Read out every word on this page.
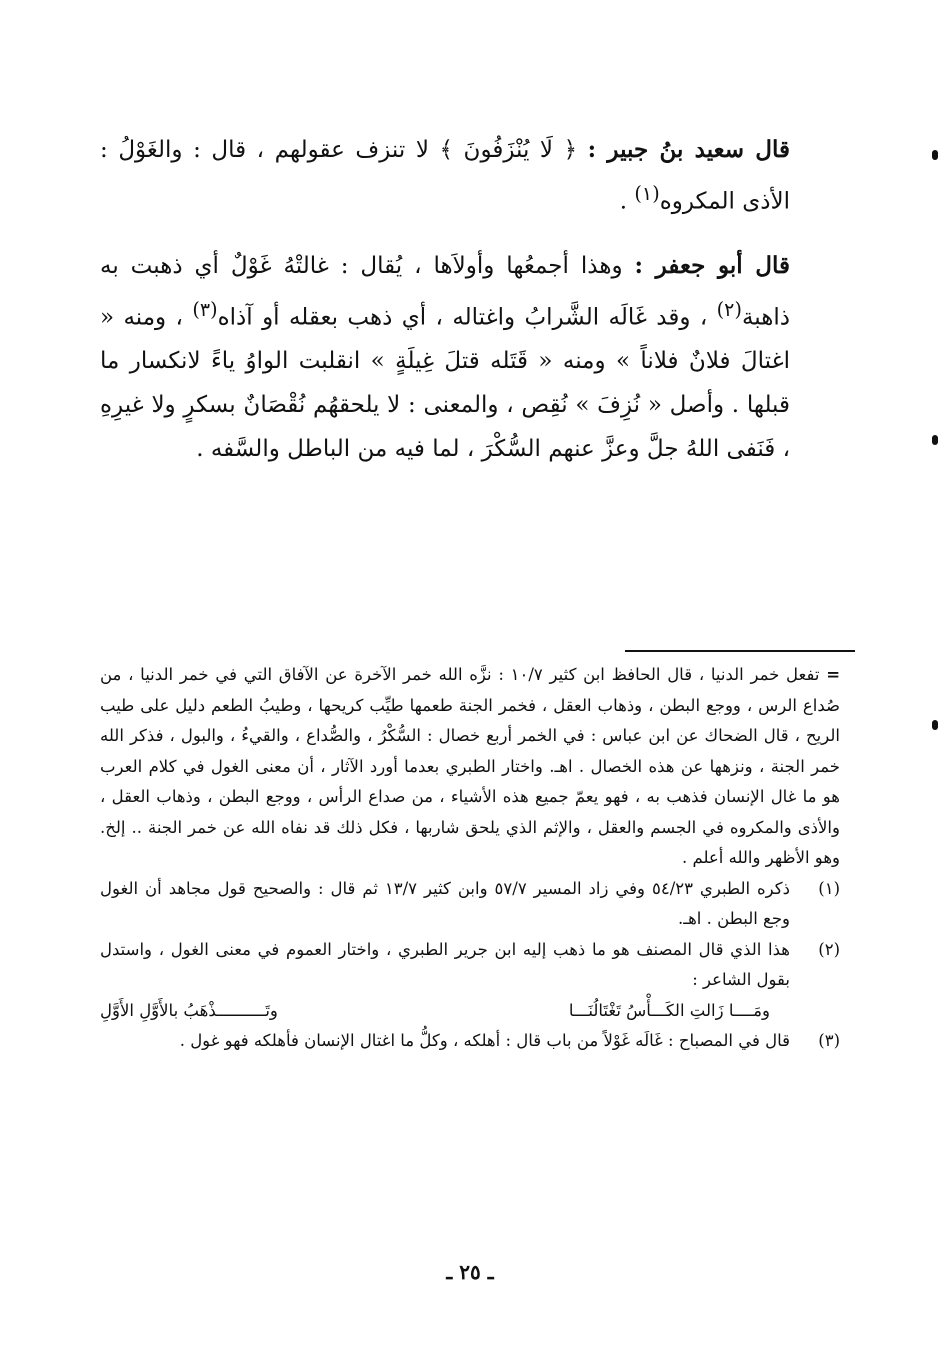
قال سعيد بنُ جبير : ﴿ لَا يُنْزَفُونَ ﴾ لا تنزف عقولهم ، قال : والغَوْلُ : الأذى المكروه$^{(١)}$ .

قال أبو جعفر : وهذا أجمعُها وأولاَها ، يُقال : غالتْهُ غَوْلٌ أي ذهبت به ذاهبة$^{(٢)}$ ، وقد غَالَه الشَّرابُ واغتاله ، أي ذهب بعقله أو آذاه$^{(٣)}$ ، ومنه « اغتالَ فلانٌ فلاناً » ومنه « قَتَله قتلَ غِيلَةٍ » انقلبت الواوُ ياءً لانكسار ما قبلها . وأصل « نُزِفَ » نُقِص ، والمعنى : لا يلحقهُم نُقْصَانٌ بسكرٍ ولا غيرِهِ ، فَنَفى اللهُ جلَّ وعزَّ عنهم السُّكْرَ ، لما فيه من الباطل والسَّفه .

= تفعل خمر الدنيا ، قال الحافظ ابن كثير ١٠/٧ : نزَّه الله خمر الآخرة عن الآفاق التي في خمر الدنيا ، من صُداع الرس ، ووجع البطن ، وذهاب العقل ، فخمر الجنة طعمها طيِّب كريحها ، وطيبُ الطعم دليل على طيب الريح ، قال الضحاك عن ابن عباس : في الخمر أربع خصال : السُّكْرُ ، والصُّداع ، والقيءُ ، والبول ، فذكر الله خمر الجنة ، ونزهها عن هذه الخصال . اهـ. واختار الطبري بعدما أورد الآثار ، أن معنى الغول في كلام العرب هو ما غال الإنسان فذهب به ، فهو يعمّ جميع هذه الأشياء ، من صداع الرأس ، ووجع البطن ، وذهاب العقل ، والأذى والمكروه في الجسم والعقل ، والإثم الذي يلحق شاربها ، فكل ذلك قد نفاه الله عن خمر الجنة .. إلخ. وهو الأظهر والله أعلم .

(١)

ذكره الطبري ٥٤/٢٣ وفي زاد المسير ٥٧/٧ وابن كثير ١٣/٧ ثم قال : والصحيح قول مجاهد أن الغول وجع البطن . اهـ.

(٢)

هذا الذي قال المصنف هو ما ذهب إليه ابن جرير الطبري ، واختار العموم في معنى الغول ، واستدل بقول الشاعر :

ومَــــا زَالتِ الكَـــأْسُ تَغْتَالُنَـــا
وتَــــــــــذْهَبُ بالأَوَّلِ الأَوَّلِ
(٣)

قال في المصباح : غَالَه غَوْلاً من باب قال : أهلكه ، وكلُّ ما اغتال الإنسان فأهلكه فهو غول .

ـ ٢٥ ـ
